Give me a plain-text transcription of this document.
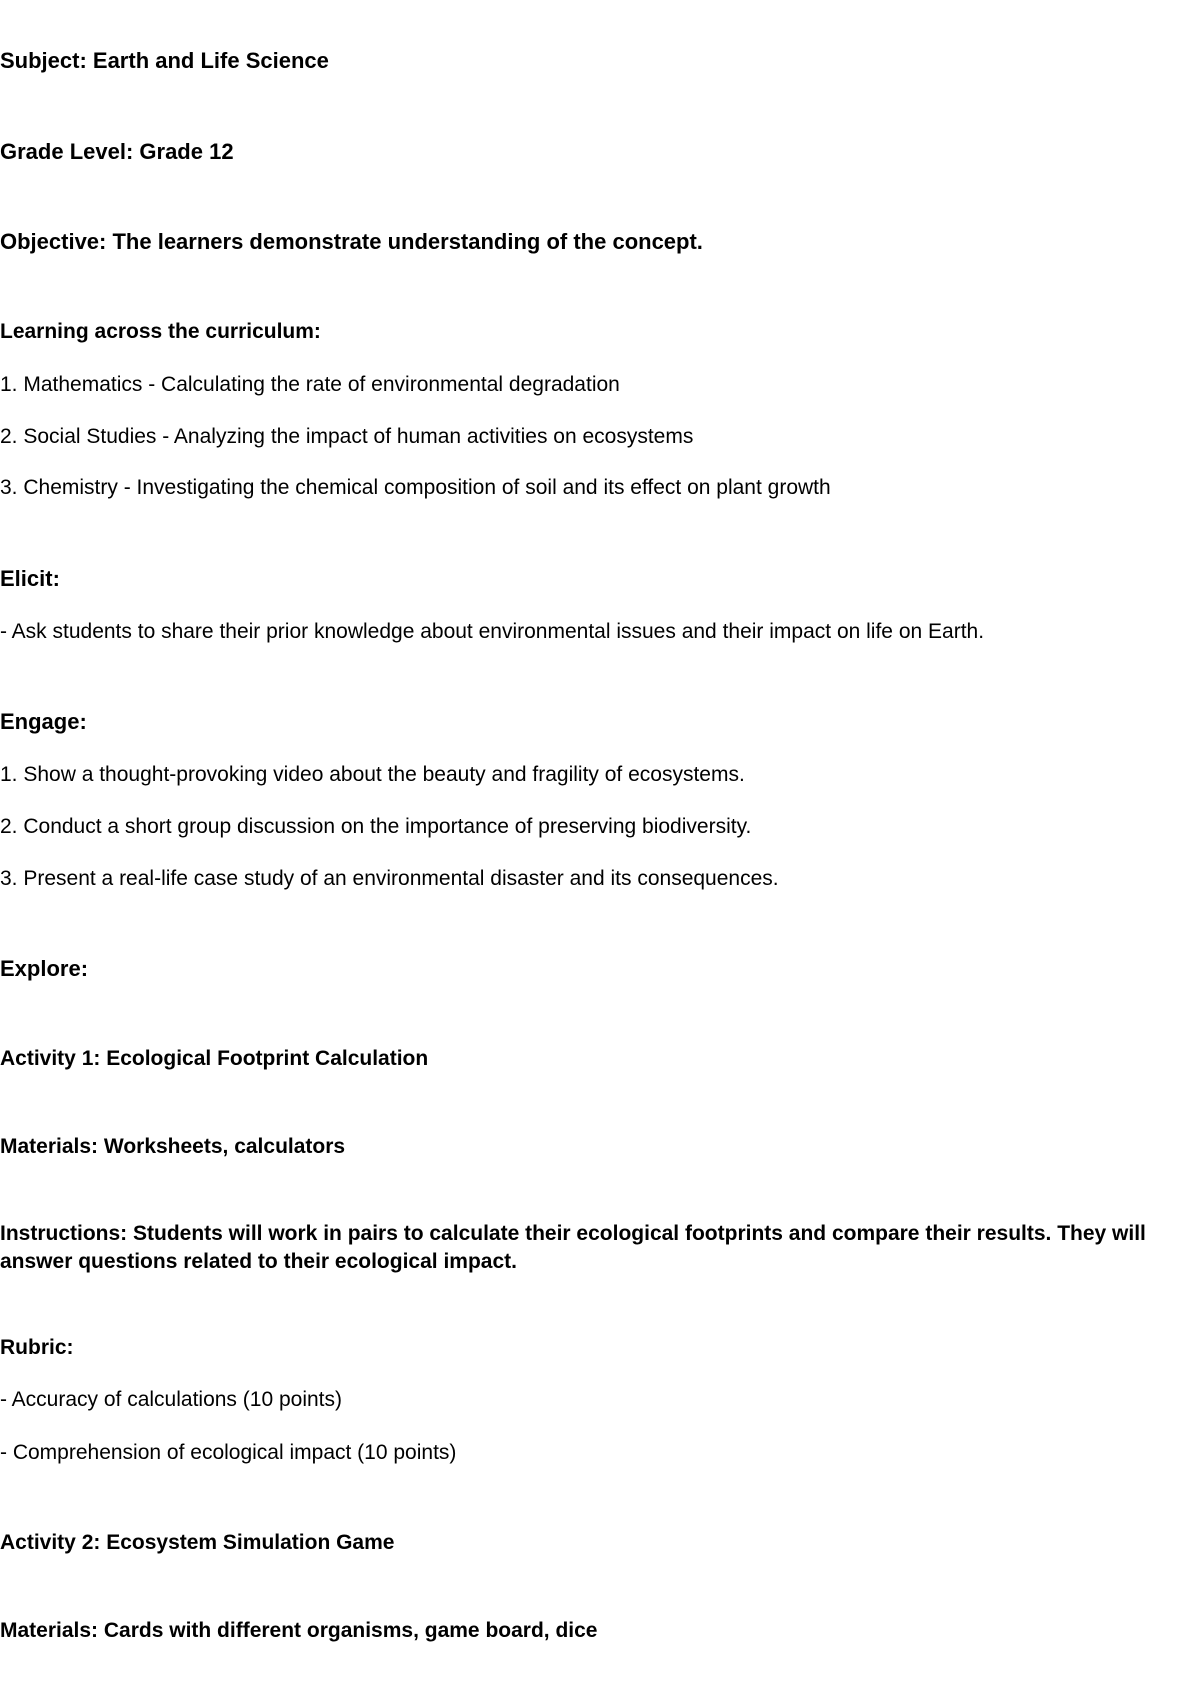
Subject: Earth and Life Science

Grade Level: Grade 12

Objective: The learners demonstrate understanding of the concept.

Learning across the curriculum:

1. Mathematics - Calculating the rate of environmental degradation

2. Social Studies - Analyzing the impact of human activities on ecosystems

3. Chemistry - Investigating the chemical composition of soil and its effect on plant growth

Elicit:

- Ask students to share their prior knowledge about environmental issues and their impact on life on Earth.

Engage:

1. Show a thought-provoking video about the beauty and fragility of ecosystems.

2. Conduct a short group discussion on the importance of preserving biodiversity.

3. Present a real-life case study of an environmental disaster and its consequences.

Explore:

Activity 1: Ecological Footprint Calculation

Materials: Worksheets, calculators

Instructions: Students will work in pairs to calculate their ecological footprints and compare their results. They will answer questions related to their ecological impact.

Rubric:

- Accuracy of calculations (10 points)

- Comprehension of ecological impact (10 points)

Activity 2: Ecosystem Simulation Game

Materials: Cards with different organisms, game board, dice
